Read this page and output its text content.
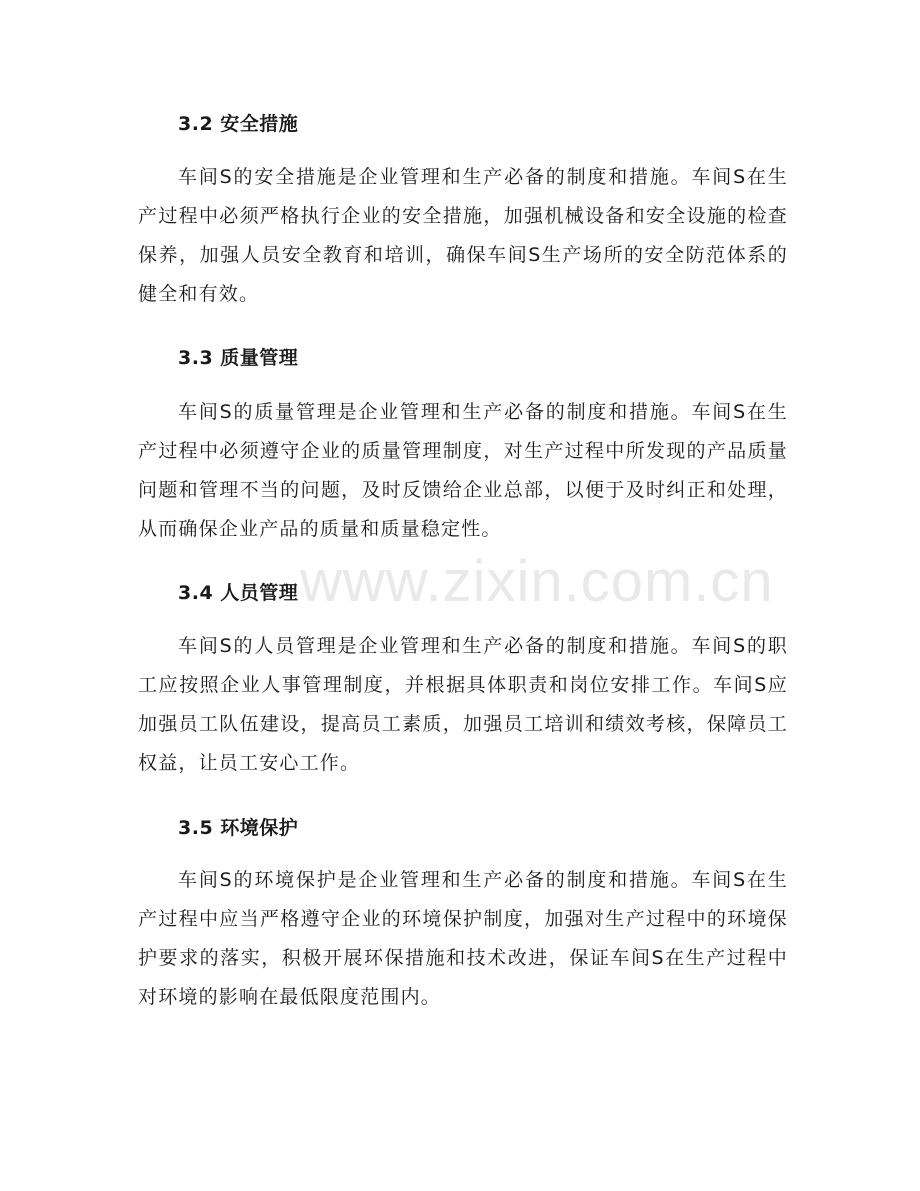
3.2 安全措施
车间S的安全措施是企业管理和生产必备的制度和措施。车间S在生产过程中必须严格执行企业的安全措施，加强机械设备和安全设施的检查保养，加强人员安全教育和培训，确保车间S生产场所的安全防范体系的健全和有效。
3.3 质量管理
车间S的质量管理是企业管理和生产必备的制度和措施。车间S在生产过程中必须遵守企业的质量管理制度，对生产过程中所发现的产品质量问题和管理不当的问题，及时反馈给企业总部，以便于及时纠正和处理，从而确保企业产品的质量和质量稳定性。
3.4 人员管理
车间S的人员管理是企业管理和生产必备的制度和措施。车间S的职工应按照企业人事管理制度，并根据具体职责和岗位安排工作。车间S应加强员工队伍建设，提高员工素质，加强员工培训和绩效考核，保障员工权益，让员工安心工作。
3.5 环境保护
车间S的环境保护是企业管理和生产必备的制度和措施。车间S在生产过程中应当严格遵守企业的环境保护制度，加强对生产过程中的环境保护要求的落实，积极开展环保措施和技术改进，保证车间S在生产过程中对环境的影响在最低限度范围内。
www.zixin.com.cn
